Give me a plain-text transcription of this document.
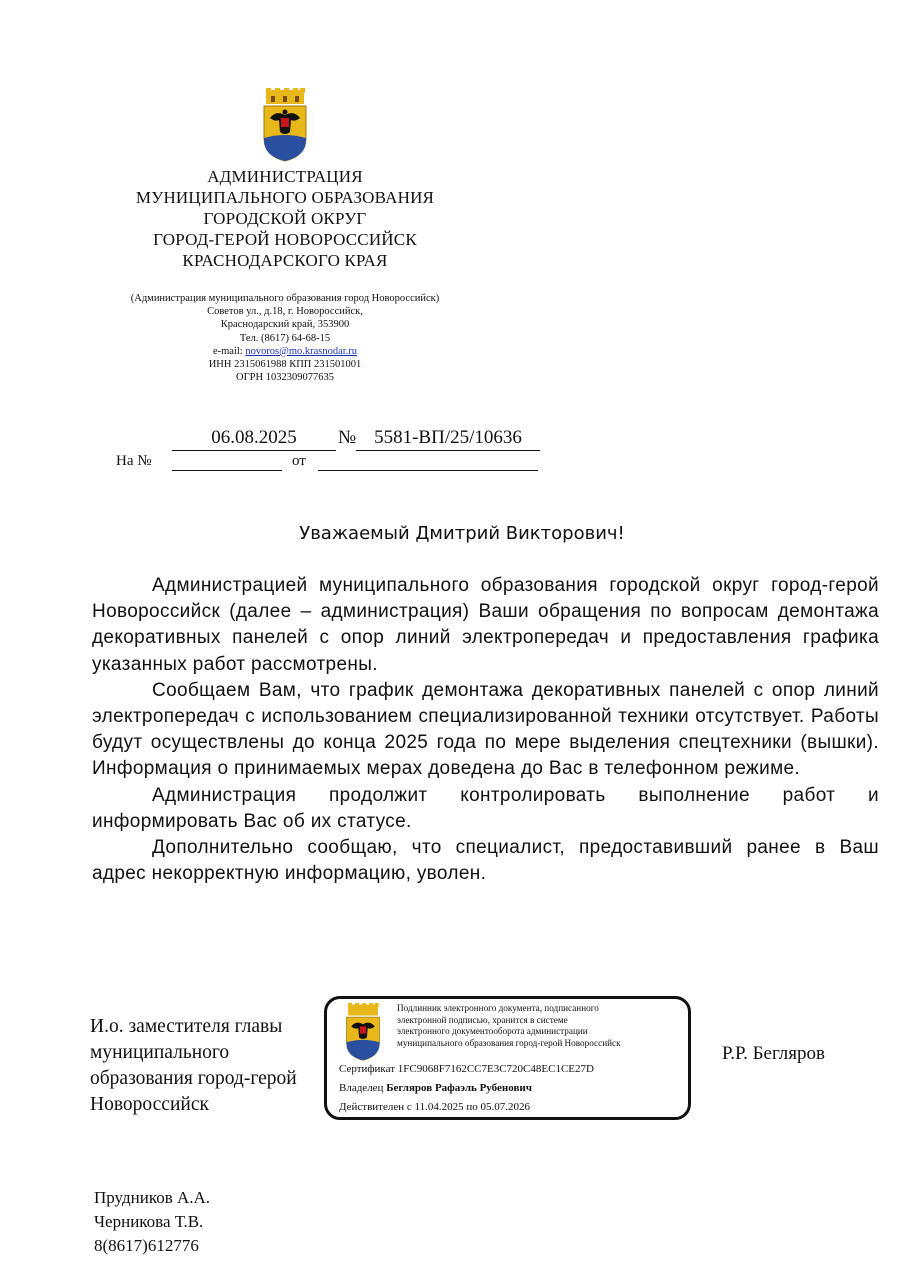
АДМИНИСТРАЦИЯ
МУНИЦИПАЛЬНОГО ОБРАЗОВАНИЯ
ГОРОДСКОЙ ОКРУГ
ГОРОД-ГЕРОЙ НОВОРОССИЙСК
КРАСНОДАРСКОГО КРАЯ
(Администрация муниципального образования город Новороссийск)
Советов ул., д.18, г. Новороссийск,
Краснодарский край, 353900
Тел. (8617) 64-68-15
e-mail: novoros@mo.krasnodar.ru
ИНН 2315061988 КПП 231501001
ОГРН 1032309077635
06.08.2025	№ 5581-ВП/25/10636
На №	от
Уважаемый Дмитрий Викторович!

Администрацией муниципального образования городской округ город-герой Новороссийск (далее – администрация) Ваши обращения по вопросам демонтажа декоративных панелей с опор линий электропередач и предоставления графика указанных работ рассмотрены.

Сообщаем Вам, что график демонтажа декоративных панелей с опор линий электропередач с использованием специализированной техники отсутствует. Работы будут осуществлены до конца 2025 года по мере выделения спецтехники (вышки). Информация о принимаемых мерах доведена до Вас в телефонном режиме.

Администрация продолжит контролировать выполнение работ и информировать Вас об их статусе.

Дополнительно сообщаю, что специалист, предоставивший ранее в Ваш адрес некорректную информацию, уволен.

И.о. заместителя главы
муниципального
образования город-герой
Новороссийск
Подлинник электронного документа, подписанного
электронной подписью, хранится в системе
электронного документооборота администрации
муниципального образования город-герой Новороссийск
Сертификат 1FC9068F7162CC7E3C720C48EC1CE27D
Владелец Бегляров Рафаэль Рубенович
Действителен с 11.04.2025 по 05.07.2026
Р.Р. Бегляров
Прудников А.А.
Черникова Т.В.
8(8617)612776
